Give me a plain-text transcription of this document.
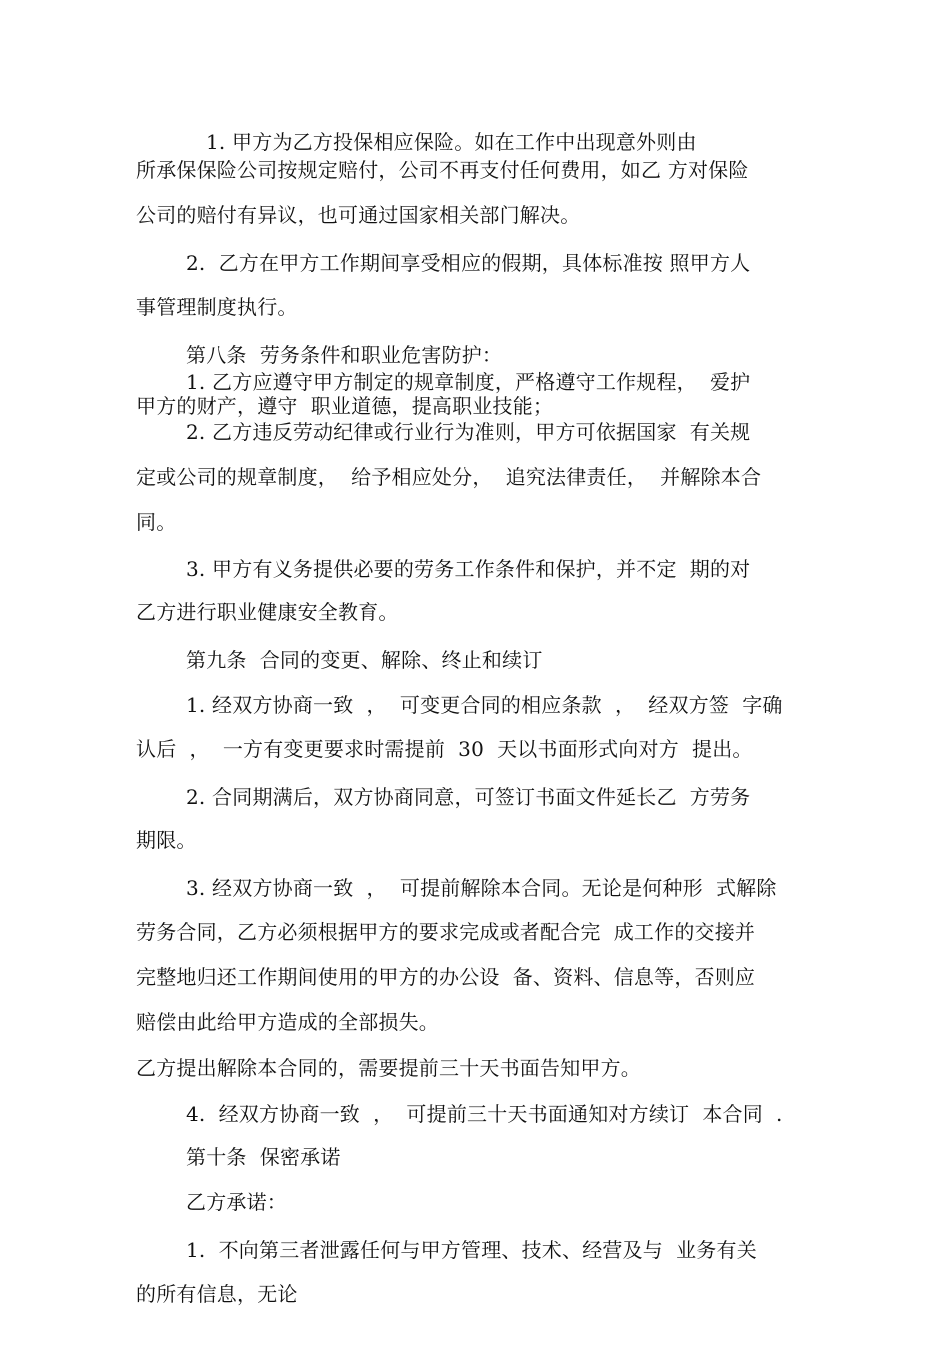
1. 甲方为乙方投保相应保险。如在工作中出现意外则由
所承保保险公司按规定赔付，公司不再支付任何费用，如乙 方对保险
公司的赔付有异议，也可通过国家相关部门解决。
2.  乙方在甲方工作期间享受相应的假期，具体标准按 照甲方人
事管理制度执行。
第八条  劳务条件和职业危害防护：
1. 乙方应遵守甲方制定的规章制度，严格遵守工作规程，  爱护
甲方的财产，遵守  职业道德，提高职业技能；
2. 乙方违反劳动纪律或行业行为准则，甲方可依据国家  有关规
定或公司的规章制度，  给予相应处分，  追究法律责任，  并解除本合
同。
3. 甲方有义务提供必要的劳务工作条件和保护，并不定  期的对
乙方进行职业健康安全教育。
第九条  合同的变更、解除、终止和续订
1. 经双方协商一致  ，  可变更合同的相应条款  ，  经双方签  字确
认后  ，  一方有变更要求时需提前  30  天以书面形式向对方  提出。
2. 合同期满后，双方协商同意，可签订书面文件延长乙  方劳务
期限。
3. 经双方协商一致  ，  可提前解除本合同。无论是何种形  式解除
劳务合同，乙方必须根据甲方的要求完成或者配合完  成工作的交接并
完整地归还工作期间使用的甲方的办公设  备、资料、信息等，否则应
赔偿由此给甲方造成的全部损失。
乙方提出解除本合同的，需要提前三十天书面告知甲方。
4.  经双方协商一致  ，  可提前三十天书面通知对方续订  本合同  .
第十条  保密承诺
乙方承诺：
1.  不向第三者泄露任何与甲方管理、技术、经营及与  业务有关
的所有信息，无论
